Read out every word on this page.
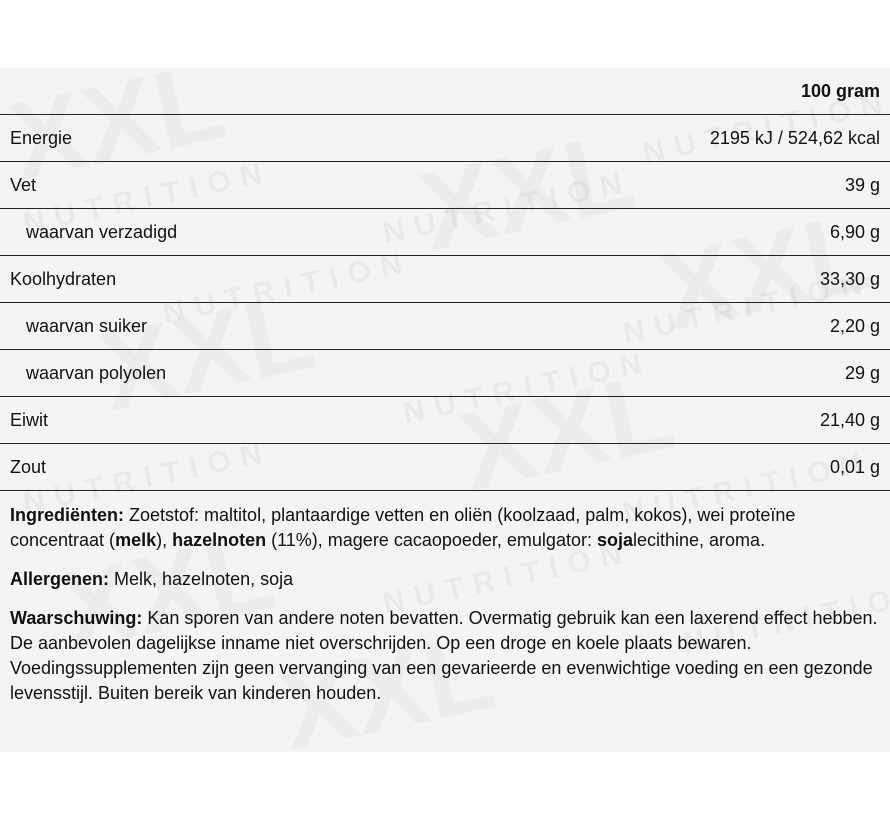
100 gram	
Energie	2195 kJ / 524,62 kcal
Vet	39 g
waarvan verzadigd	6,90 g
Koolhydraten	33,30 g
waarvan suiker	2,20 g
waarvan polyolen	29 g
Eiwit	21,40 g
Zout	0,01 g

Ingrediënten: Zoetstof: maltitol, plantaardige vetten en oliën (koolzaad, palm, kokos), wei proteïne concentraat (melk), hazelnoten (11%), magere cacaopoeder, emulgator: sojalecithine, aroma.

Allergenen: Melk, hazelnoten, soja

Waarschuwing: Kan sporen van andere noten bevatten. Overmatig gebruik kan een laxerend effect hebben. De aanbevolen dagelijkse inname niet overschrijden. Op een droge en koele plaats bewaren. Voedingssupplementen zijn geen vervanging van een gevarieerde en evenwichtige voeding en een gezonde levensstijl. Buiten bereik van kinderen houden.
